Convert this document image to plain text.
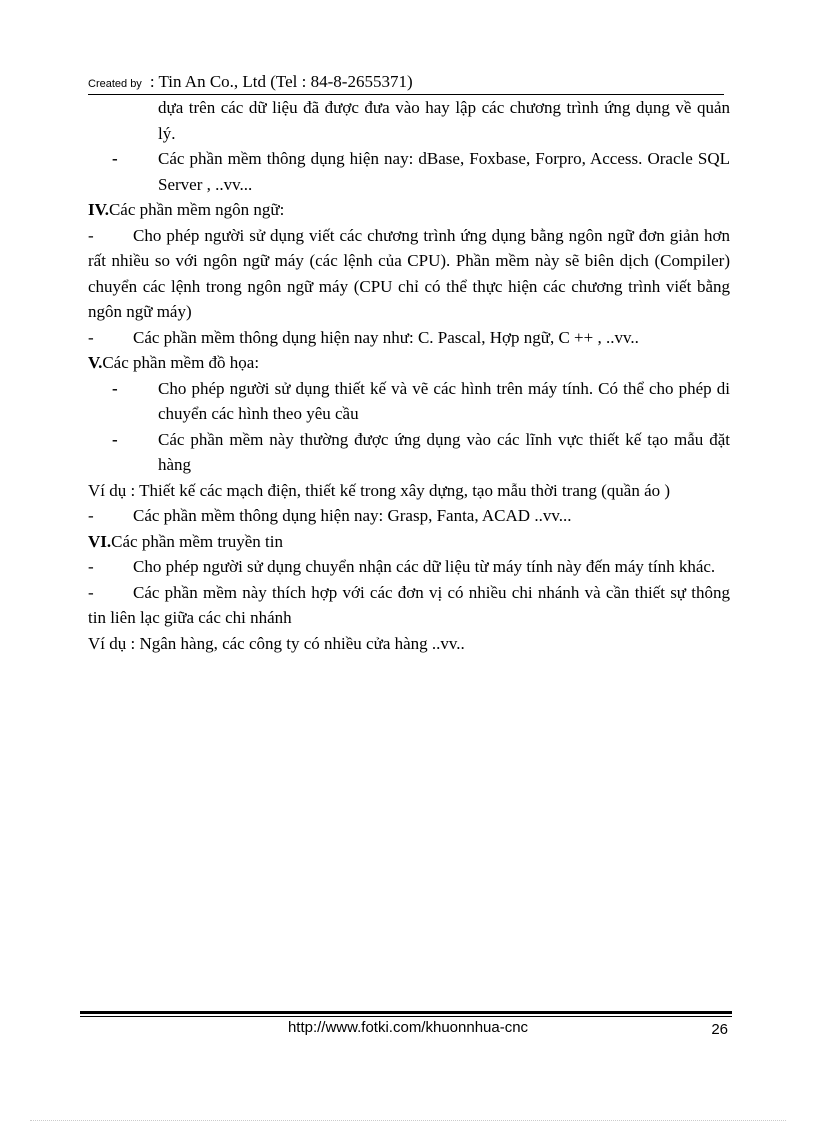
Created by : Tin An Co., Ltd (Tel : 84-8-2655371)
dựa trên các dữ liệu đã được đưa vào hay lập các chương trình ứng dụng về quản lý.
- Các phần mềm thông dụng hiện nay: dBase, Foxbase, Forpro, Access. Oracle SQL Server , ..vv...
IV.Các phần mềm ngôn ngữ:
- Cho phép người sử dụng viết các chương trình ứng dụng bằng ngôn ngữ đơn giản hơn rất nhiều so với ngôn ngữ máy (các lệnh của CPU). Phần mềm này sẽ biên dịch (Compiler) chuyển các lệnh trong ngôn ngữ máy (CPU chỉ có thể thực hiện các chương trình viết bằng ngôn ngữ máy)
- Các phần mềm thông dụng hiện nay như: C. Pascal, Hợp ngữ, C ++ , ..vv..
V.Các phần mềm đồ họa:
- Cho phép người sử dụng thiết kế và vẽ các hình trên máy tính. Có thể cho phép di chuyển các hình theo yêu cầu
- Các phần mềm này thường được ứng dụng vào các lĩnh vực thiết kế tạo mẫu đặt hàng
Ví dụ : Thiết kế các mạch điện, thiết kế trong xây dựng, tạo mẫu thời trang (quần áo )
- Các phần mềm thông dụng hiện nay: Grasp, Fanta, ACAD ..vv...
VI.Các phần mềm truyền tin
- Cho phép người sử dụng chuyển nhận các dữ liệu từ máy tính này đến máy tính khác.
- Các phần mềm này thích hợp với các đơn vị có nhiều chi nhánh và cần thiết sự thông tin liên lạc giữa các chi nhánh
Ví dụ : Ngân hàng, các công ty có nhiều cửa hàng ..vv..
http://www.fotki.com/khuonnhua-cnc	26
